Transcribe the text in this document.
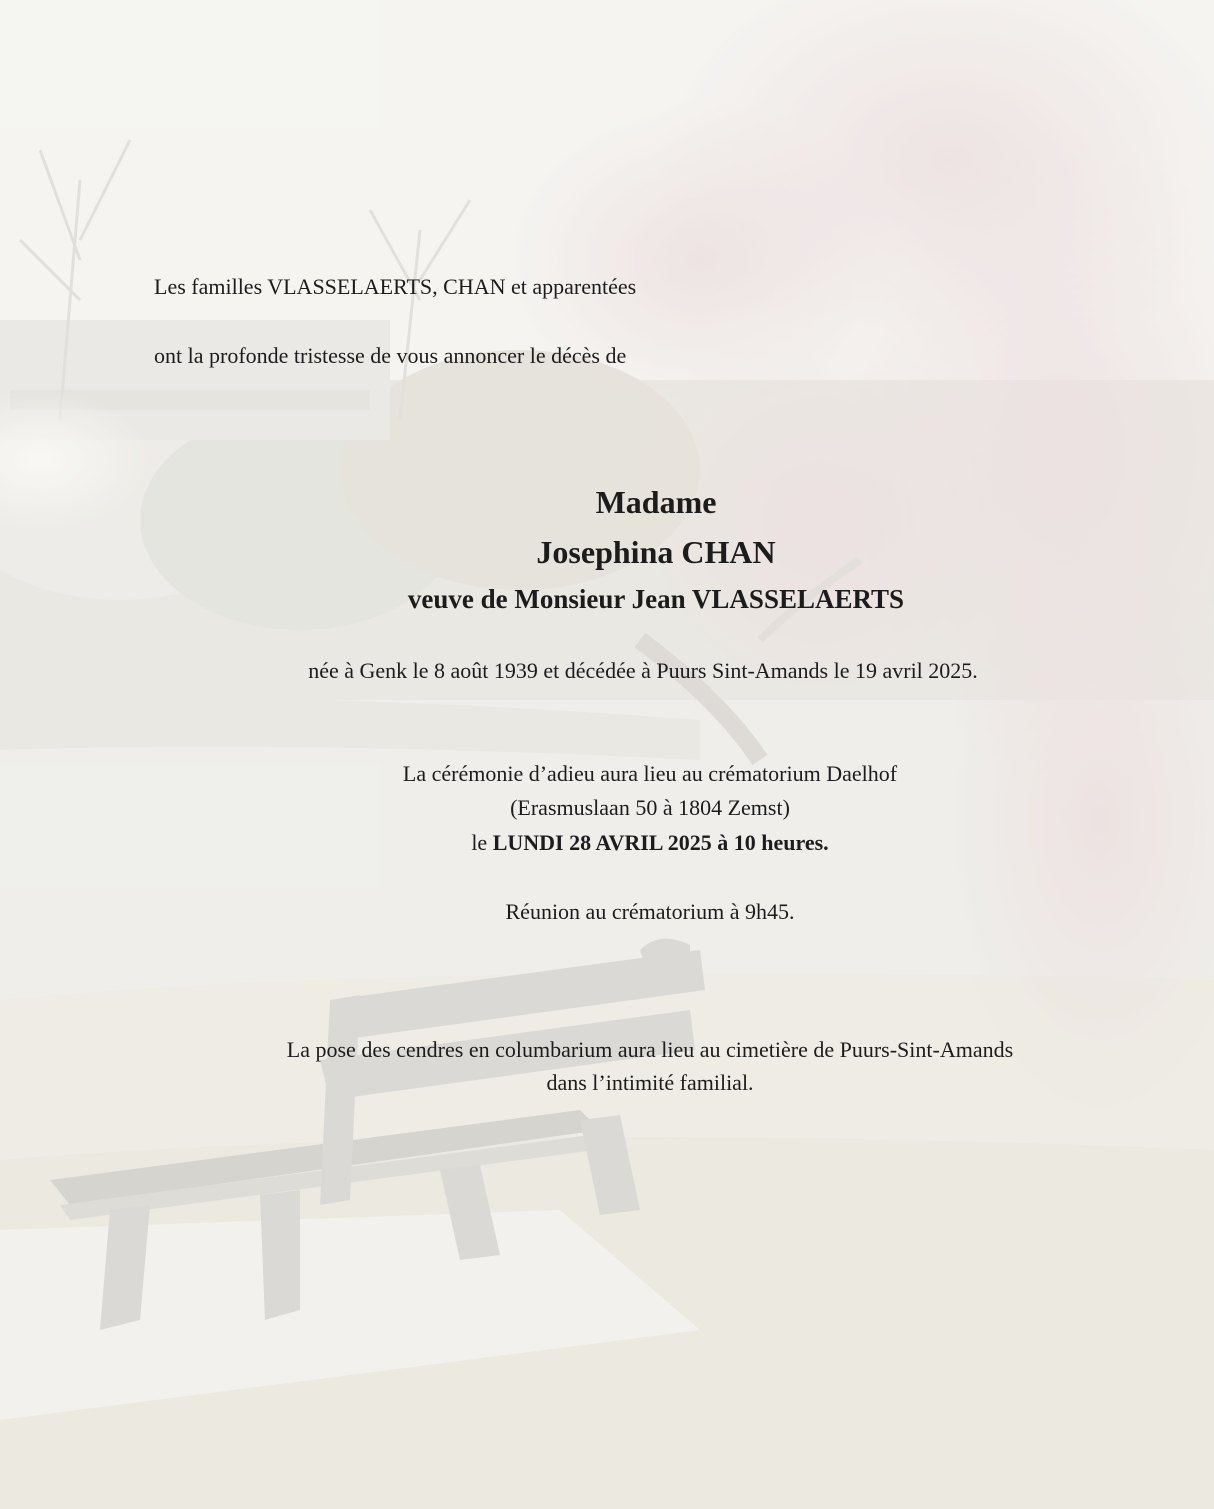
Les familles VLASSELAERTS, CHAN et apparentées
ont la profonde tristesse de vous annoncer le décès de
Madame
Josephina CHAN
veuve de Monsieur Jean VLASSELAERTS
née à Genk le 8 août 1939 et décédée à Puurs Sint-Amands le 19 avril 2025.
La cérémonie d’adieu aura lieu au crématorium Daelhof
(Erasmuslaan 50 à 1804 Zemst)
le LUNDI 28 AVRIL 2025 à 10 heures.
Réunion au crématorium à 9h45.
La pose des cendres en columbarium aura lieu au cimetière de Puurs-Sint-Amands
dans l’intimité familial.
